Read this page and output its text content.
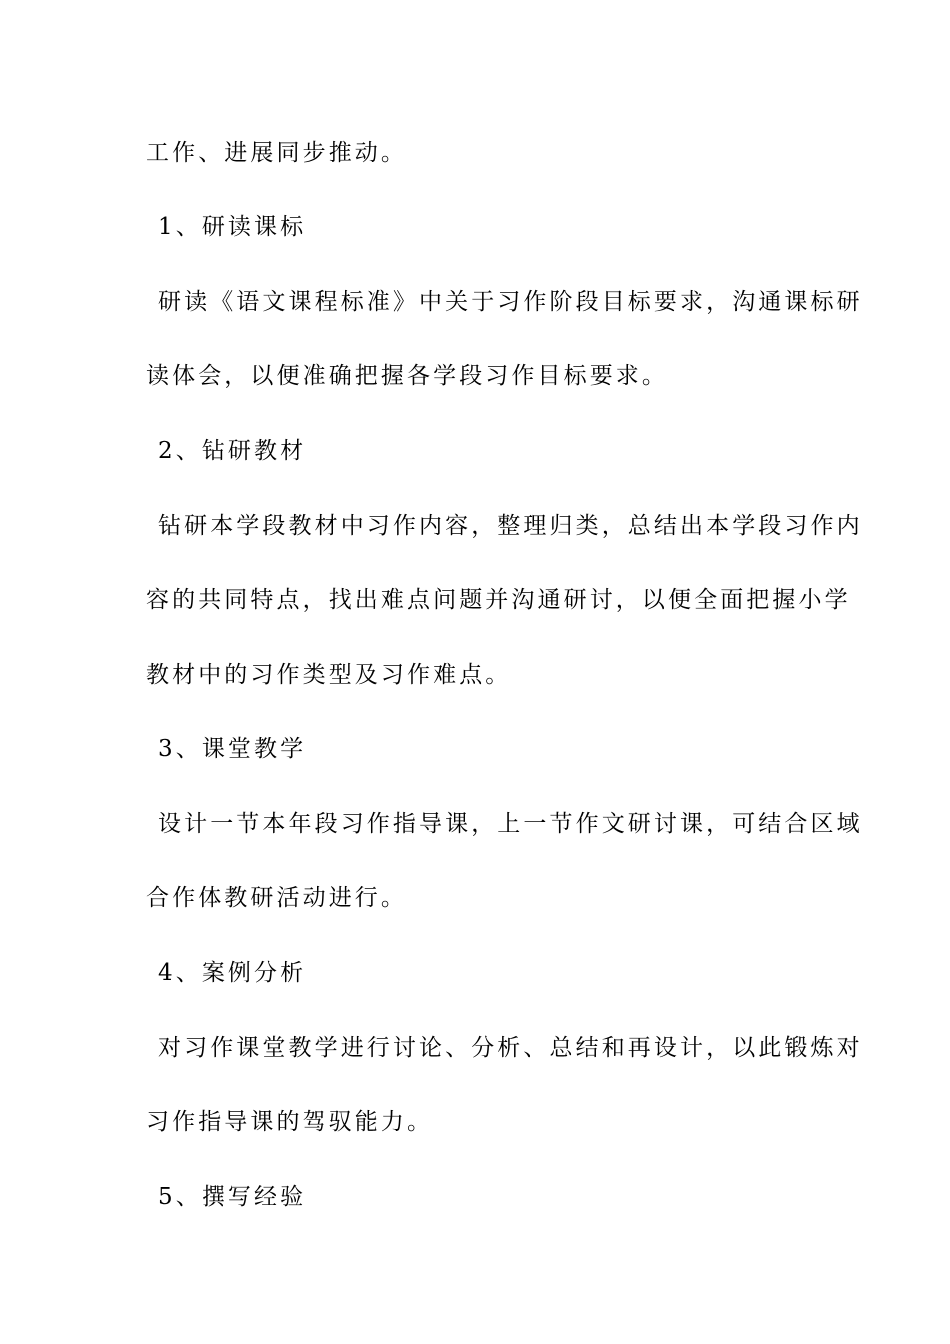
工作、进展同步推动。

1、研读课标

研读《语文课程标准》中关于习作阶段目标要求，沟通课标研

读体会，以便准确把握各学段习作目标要求。

2、钻研教材

钻研本学段教材中习作内容，整理归类，总结出本学段习作内

容的共同特点，找出难点问题并沟通研讨，以便全面把握小学

教材中的习作类型及习作难点。

3、课堂教学

设计一节本年段习作指导课，上一节作文研讨课，可结合区域

合作体教研活动进行。

4、案例分析

对习作课堂教学进行讨论、分析、总结和再设计，以此锻炼对

习作指导课的驾驭能力。

5、撰写经验
